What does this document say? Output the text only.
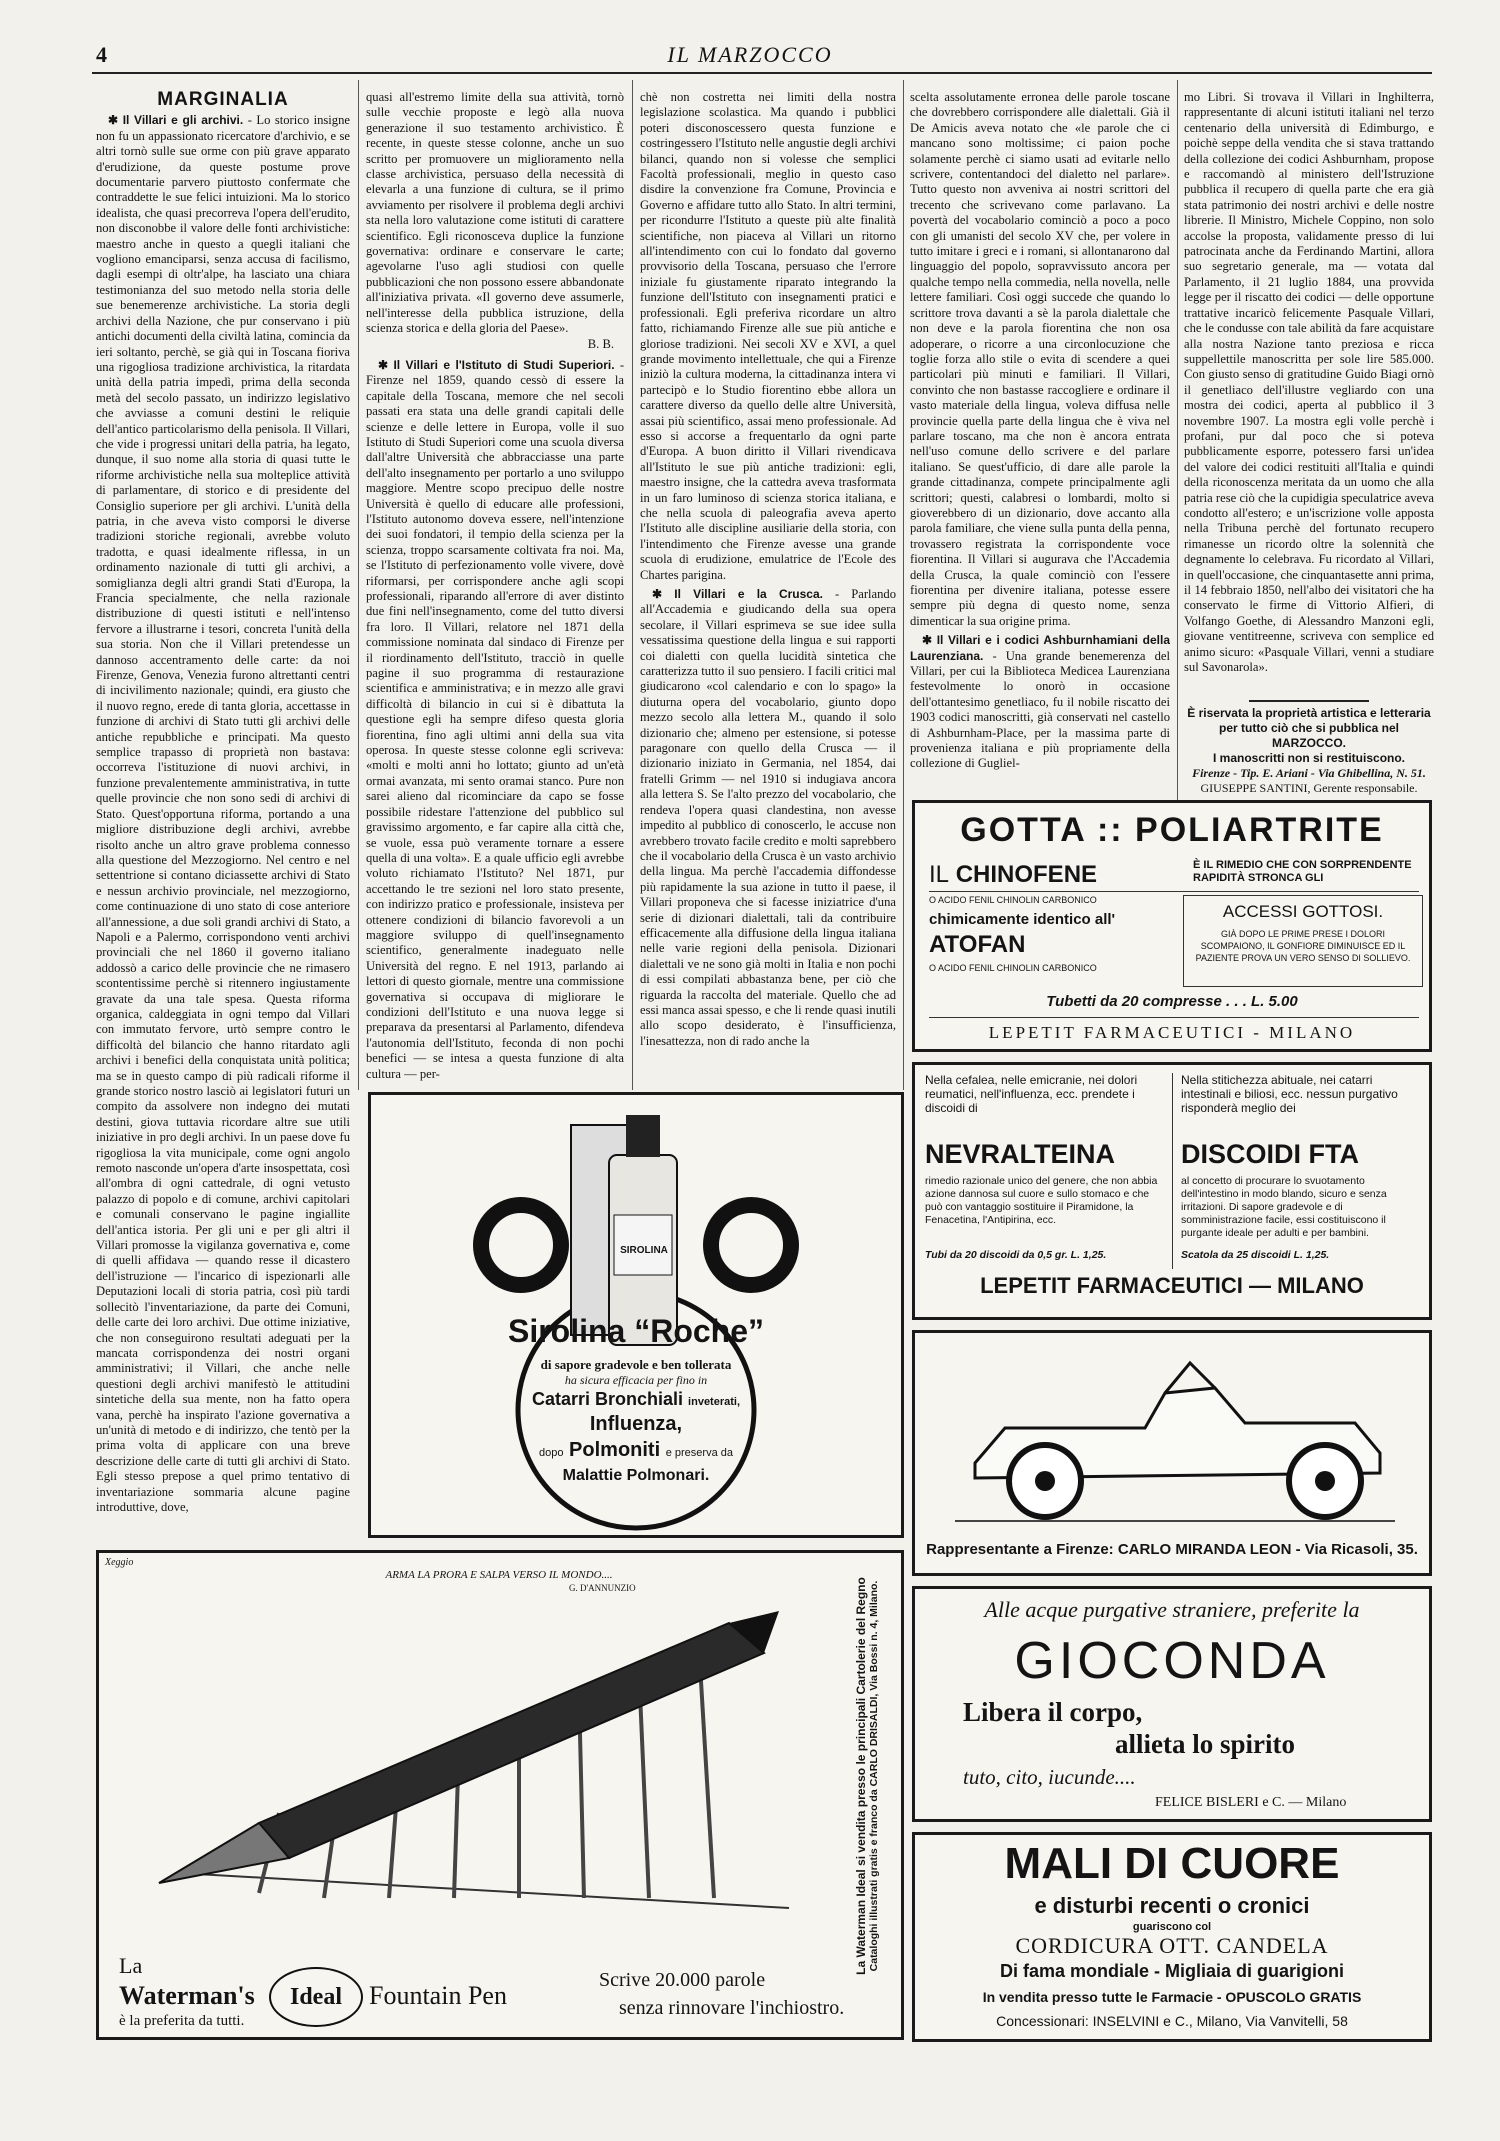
4	IL MARZOCCO
MARGINALIA

✱ Il Villari e gli archivi. - Lo storico insigne non fu un appassionato ricercatore d'archivio, e se altri tornò sulle sue orme con più grave apparato d'erudizione, da queste postume prove documentarie parvero piuttosto confermate che contraddette le sue felici intuizioni. Ma lo storico idealista, che quasi precorreva l'opera dell'erudito, non disconobbe il valore delle fonti archivistiche: maestro anche in questo a quegli italiani che vogliono emanciparsi, senza accusa di facilismo, dagli esempi di oltr'alpe, ha lasciato una chiara testimonianza del suo metodo nella storia delle sue benemerenze archivistiche. La storia degli archivi della Nazione, che pur conservano i più antichi documenti della civiltà latina, comincia da ieri soltanto, perchè, se già qui in Toscana fioriva una rigogliosa tradizione archivistica, la ritardata unità della patria impedì, prima della seconda metà del secolo passato, un indirizzo legislativo che avviasse a comuni destini le reliquie dell'antico particolarismo della penisola. Il Villari, che vide i progressi unitari della patria, ha legato, dunque, il suo nome alla storia di quasi tutte le riforme archivistiche nella sua molteplice attività di parlamentare, di storico e di presidente del Consiglio superiore per gli archivi. L'unità della patria, in che aveva visto comporsi le diverse tradizioni storiche regionali, avrebbe voluto tradotta, e quasi idealmente riflessa, in un ordinamento nazionale di tutti gli archivi, a somiglianza degli altri grandi Stati d'Europa, la Francia specialmente, che nella razionale distribuzione di questi istituti e nell'intenso fervore a illustrarne i tesori, concreta l'unità della sua storia. Non che il Villari pretendesse un dannoso accentramento delle carte: da noi Firenze, Genova, Venezia furono altrettanti centri di incivilimento nazionale; quindi, era giusto che il nuovo regno, erede di tanta gloria, accettasse in funzione di archivi di Stato tutti gli archivi delle antiche repubbliche e principati. Ma questo semplice trapasso di proprietà non bastava: occorreva l'istituzione di nuovi archivi, in funzione prevalentemente amministrativa, in tutte quelle provincie che non sono sedi di archivi di Stato. Quest'opportuna riforma, portando a una migliore distribuzione degli archivi, avrebbe risolto anche un altro grave problema connesso alla questione del Mezzogiorno. Nel centro e nel settentrione si contano diciassette archivi di Stato e nessun archivio provinciale, nel mezzogiorno, come continuazione di uno stato di cose anteriore all'annessione, a due soli grandi archivi di Stato, a Napoli e a Palermo, corrispondono venti archivi provinciali che nel 1860 il governo italiano addossò a carico delle provincie che ne rimasero scontentissime perchè si ritennero ingiustamente gravate da una tale spesa. Questa riforma organica, caldeggiata in ogni tempo dal Villari con immutato fervore, urtò sempre contro le difficoltà del bilancio che hanno ritardato agli archivi i benefici della conquistata unità politica; ma se in questo campo di più radicali riforme il grande storico nostro lasciò ai legislatori futuri un compito da assolvere non indegno dei mutati destini, giova tuttavia ricordare altre sue utili iniziative in pro degli archivi. In un paese dove fu rigogliosa la vita municipale, come ogni angolo remoto nasconde un'opera d'arte insospettata, così all'ombra di ogni cattedrale, di ogni vetusto palazzo di popolo e di comune, archivi capitolari e comunali conservano le pagine ingiallite dell'antica istoria. Per gli uni e per gli altri il Villari promosse la vigilanza governativa e, come di quelli affidava — quando resse il dicastero dell'istruzione — l'incarico di ispezionarli alle Deputazioni locali di storia patria, così più tardi sollecitò l'inventariazione, da parte dei Comuni, delle carte dei loro archivi. Due ottime iniziative, che non conseguirono resultati adeguati per la mancata corrispondenza dei nostri organi amministrativi; il Villari, che anche nelle questioni degli archivi manifestò le attitudini sintetiche della sua mente, non ha fatto opera vana, perchè ha inspirato l'azione governativa a un'unità di metodo e di indirizzo, che tentò per la prima volta di applicare con una breve descrizione delle carte di tutti gli archivi di Stato. Egli stesso prepose a quel primo tentativo di inventariazione sommaria alcune pagine introduttive, dove,

quasi all'estremo limite della sua attività, tornò sulle vecchie proposte e legò alla nuova generazione il suo testamento archivistico. È recente, in queste stesse colonne, anche un suo scritto per promuovere un miglioramento nella classe archivistica, persuaso della necessità di elevarla a una funzione di cultura, se il primo avviamento per risolvere il problema degli archivi sta nella loro valutazione come istituti di carattere scientifico. Egli riconosceva duplice la funzione governativa: ordinare e conservare le carte; agevolarne l'uso agli studiosi con quelle pubblicazioni che non possono essere abbandonate all'iniziativa privata. «Il governo deve assumerle, nell'interesse della pubblica istruzione, della scienza storica e della gloria del Paese».

B. B.

✱ Il Villari e l'Istituto di Studi Superiori. - Firenze nel 1859, quando cessò di essere la capitale della Toscana, memore che nel secoli passati era stata una delle grandi capitali delle scienze e delle lettere in Europa, volle il suo Istituto di Studi Superiori come una scuola diversa dall'altre Università che abbracciasse una parte dell'alto insegnamento per portarlo a uno sviluppo maggiore. Mentre scopo precipuo delle nostre Università è quello di educare alle professioni, l'Istituto autonomo doveva essere, nell'intenzione dei suoi fondatori, il tempio della scienza per la scienza, troppo scarsamente coltivata fra noi. Ma, se l'Istituto di perfezionamento volle vivere, dovè riformarsi, per corrispondere anche agli scopi professionali, riparando all'errore di aver distinto due fini nell'insegnamento, come del tutto diversi fra loro. Il Villari, relatore nel 1871 della commissione nominata dal sindaco di Firenze per il riordinamento dell'Istituto, tracciò in quelle pagine il suo programma di restaurazione scientifica e amministrativa; e in mezzo alle gravi difficoltà di bilancio in cui si è dibattuta la questione egli ha sempre difeso questa gloria fiorentina, fino agli ultimi anni della sua vita operosa. In queste stesse colonne egli scriveva: «molti e molti anni ho lottato; giunto ad un'età ormai avanzata, mi sento oramai stanco. Pure non sarei alieno dal ricominciare da capo se fosse possibile ridestare l'attenzione del pubblico sul gravissimo argomento, e far capire alla città che, se vuole, essa può veramente tornare a essere quella di una volta». E a quale ufficio egli avrebbe voluto richiamato l'Istituto? Nel 1871, pur accettando le tre sezioni nel loro stato presente, con indirizzo pratico e professionale, insisteva per ottenere condizioni di bilancio favorevoli a un maggiore sviluppo di quell'insegnamento scientifico, generalmente inadeguato nelle Università del regno. E nel 1913, parlando ai lettori di questo giornale, mentre una commissione governativa si occupava di migliorare le condizioni dell'Istituto e una nuova legge si preparava da presentarsi al Parlamento, difendeva l'autonomia dell'Istituto, feconda di non pochi benefici — se intesa a questa funzione di alta cultura — per-

chè non costretta nei limiti della nostra legislazione scolastica. Ma quando i pubblici poteri disconoscessero questa funzione e costringessero l'Istituto nelle angustie degli archivi bilanci, quando non si volesse che semplici Facoltà professionali, meglio in questo caso disdire la convenzione fra Comune, Provincia e Governo e affidare tutto allo Stato. In altri termini, per ricondurre l'Istituto a queste più alte finalità scientifiche, non piaceva al Villari un ritorno all'intendimento con cui lo fondato dal governo provvisorio della Toscana, persuaso che l'errore iniziale fu giustamente riparato integrando la funzione dell'Istituto con insegnamenti pratici e professionali. Egli preferiva ricordare un altro fatto, richiamando Firenze alle sue più antiche e gloriose tradizioni. Nei secoli XV e XVI, a quel grande movimento intellettuale, che qui a Firenze iniziò la cultura moderna, la cittadinanza intera vi partecipò e lo Studio fiorentino ebbe allora un carattere diverso da quello delle altre Università, assai più scientifico, assai meno professionale. Ad esso si accorse a frequentarlo da ogni parte d'Europa. A buon diritto il Villari rivendicava all'Istituto le sue più antiche tradizioni: egli, maestro insigne, che la cattedra aveva trasformata in un faro luminoso di scienza storica italiana, e che nella scuola di paleografia aveva aperto l'Istituto alle discipline ausiliarie della storia, con l'intendimento che Firenze avesse una grande scuola di erudizione, emulatrice de l'Ecole des Chartes parigina.

✱ Il Villari e la Crusca. - Parlando all'Accademia e giudicando della sua opera secolare, il Villari esprimeva se sue idee sulla vessatissima questione della lingua e sui rapporti coi dialetti con quella lucidità sintetica che caratterizza tutto il suo pensiero. I facili critici mal giudicarono «col calendario e con lo spago» la diuturna opera del vocabolario, giunto dopo mezzo secolo alla lettera M., quando il solo dizionario che; almeno per estensione, si potesse paragonare con quello della Crusca — il dizionario iniziato in Germania, nel 1854, dai fratelli Grimm — nel 1910 si indugiava ancora alla lettera S. Se l'alto prezzo del vocabolario, che rendeva l'opera quasi clandestina, non avesse impedito al pubblico di conoscerlo, le accuse non avrebbero trovato facile credito e molti saprebbero che il vocabolario della Crusca è un vasto archivio della lingua. Ma perchè l'accademia diffondesse più rapidamente la sua azione in tutto il paese, il Villari proponeva che si facesse iniziatrice d'una serie di dizionari dialettali, tali da contribuire efficacemente alla diffusione della lingua italiana nelle varie regioni della penisola. Dizionari dialettali ve ne sono già molti in Italia e non pochi di essi compilati abbastanza bene, per ciò che riguarda la raccolta del materiale. Quello che ad essi manca assai spesso, e che li rende quasi inutili allo scopo desiderato, è l'insufficienza, l'inesattezza, non di rado anche la

scelta assolutamente erronea delle parole toscane che dovrebbero corrispondere alle dialettali. Già il De Amicis aveva notato che «le parole che ci mancano sono moltissime; ci paion poche solamente perchè ci siamo usati ad evitarle nello scrivere, contentandoci del dialetto nel parlare». Tutto questo non avveniva ai nostri scrittori del trecento che scrivevano come parlavano. La povertà del vocabolario cominciò a poco a poco con gli umanisti del secolo XV che, per volere in tutto imitare i greci e i romani, si allontanarono dal linguaggio del popolo, sopravvissuto ancora per qualche tempo nella commedia, nella novella, nelle lettere familiari. Così oggi succede che quando lo scrittore trova davanti a sè la parola dialettale che non deve e la parola fiorentina che non osa adoperare, o ricorre a una circonlocuzione che toglie forza allo stile o evita di scendere a quei particolari più minuti e familiari. Il Villari, convinto che non bastasse raccogliere e ordinare il vasto materiale della lingua, voleva diffusa nelle provincie quella parte della lingua che è viva nel parlare toscano, ma che non è ancora entrata nell'uso comune dello scrivere e del parlare italiano. Se quest'ufficio, di dare alle parole la grande cittadinanza, compete principalmente agli scrittori; questi, calabresi o lombardi, molto si gioverebbero di un dizionario, dove accanto alla parola familiare, che viene sulla punta della penna, trovassero registrata la corrispondente voce fiorentina. Il Villari si augurava che l'Accademia della Crusca, la quale cominciò con l'essere fiorentina per divenire italiana, potesse essere sempre più degna di questo nome, senza dimenticar la sua origine prima.

✱ Il Villari e i codici Ashburnhamiani della Laurenziana. - Una grande benemerenza del Villari, per cui la Biblioteca Medicea Laurenziana festevolmente lo onorò in occasione dell'ottantesimo genetliaco, fu il nobile riscatto dei 1903 codici manoscritti, già conservati nel castello di Ashburnham-Place, per la massima parte di provenienza italiana e più propriamente della collezione di Gugliel-

mo Libri. Si trovava il Villari in Inghilterra, rappresentante di alcuni istituti italiani nel terzo centenario della università di Edimburgo, e poichè seppe della vendita che si stava trattando della collezione dei codici Ashburnham, propose e raccomandò al ministero dell'Istruzione pubblica il recupero di quella parte che era già stata patrimonio dei nostri archivi e delle nostre librerie. Il Ministro, Michele Coppino, non solo accolse la proposta, validamente presso di lui patrocinata anche da Ferdinando Martini, allora suo segretario generale, ma — votata dal Parlamento, il 21 luglio 1884, una provvida legge per il riscatto dei codici — delle opportune trattative incaricò felicemente Pasquale Villari, che le condusse con tale abilità da fare acquistare alla nostra Nazione tanto preziosa e ricca suppellettile manoscritta per sole lire 585.000. Con giusto senso di gratitudine Guido Biagi ornò il genetliaco dell'illustre vegliardo con una mostra dei codici, aperta al pubblico il 3 novembre 1907. La mostra egli volle perchè i profani, pur dal poco che si poteva pubblicamente esporre, potessero farsi un'idea del valore dei codici restituiti all'Italia e quindi della riconoscenza meritata da un uomo che alla patria rese ciò che la cupidigia speculatrice aveva condotto all'estero; e un'iscrizione volle apposta nella Tribuna perchè del fortunato recupero rimanesse un ricordo oltre la solennità che degnamente lo celebrava. Fu ricordato al Villari, in quell'occasione, che cinquantasette anni prima, il 14 febbraio 1850, nell'albo dei visitatori che ha conservato le firme di Vittorio Alfieri, di Volfango Goethe, di Alessandro Manzoni egli, giovane ventitreenne, scriveva con semplice ed animo sicuro: «Pasquale Villari, venni a studiare sul Savonarola».

È riservata la proprietà artistica e letteraria per tutto ciò che si pubblica nel MARZOCCO.
I manoscritti non si restituiscono.
Firenze - Tip. E. Ariani - Via Ghibellina, N. 51.
GIUSEPPE SANTINI, Gerente responsabile.
GOTTA :: POLIARTRITE
IL CHINOFENE	È IL RIMEDIO CHE CON SORPRENDENTE RAPIDITÀ STRONCA GLI
O ACIDO FENIL CHINOLIN CARBONICO
chimicamente identico all'
ATOFAN
O ACIDO FENIL CHINOLIN CARBONICO
ACCESSI GOTTOSI.
GIÀ DOPO LE PRIME PRESE I DOLORI SCOMPAIONO, IL GONFIORE DIMINUISCE ED IL PAZIENTE PROVA UN VERO SENSO DI SOLLIEVO.
Tubetti da 20 compresse . . . L. 5.00
LEPETIT FARMACEUTICI - MILANO
Nella cefalea, nelle emicranie, nei dolori reumatici, nell'influenza, ecc. prendete i discoidi di
NEVRALTEINA
rimedio razionale unico del genere, che non abbia azione dannosa sul cuore e sullo stomaco e che può con vantaggio sostituire il Piramidone, la Fenacetina, l'Antipirina, ecc.
Tubi da 20 discoidi da 0,5 gr. L. 1,25.
Nella stitichezza abituale, nei catarri intestinali e biliosi, ecc. nessun purgativo risponderà meglio dei
DISCOIDI FTA
al concetto di procurare lo svuotamento dell'intestino in modo blando, sicuro e senza irritazioni. Di sapore gradevole e di somministrazione facile, essi costituiscono il purgante ideale per adulti e per bambini.
Scatola da 25 discoidi L. 1,25.
LEPETIT FARMACEUTICI — MILANO
SIROLINA
Sirolina “Roche”
di sapore gradevole e ben tollerata
ha sicura efficacia per fino in
Catarri Bronchiali inveterati,
Influenza,
dopo Polmoniti e preserva da
Malattie Polmonari.
Rappresentante a Firenze: CARLO MIRANDA LEON - Via Ricasoli, 35.
Xeggio
ARMA LA PRORA E SALPA VERSO IL MONDO....
G. D'ANNUNZIO	La Waterman Ideal si vendita presso le principali Cartolerie del Regno Cataloghi illustrati gratis e franco da CARLO DRISALDI, Via Bossi n. 4, Milano.
La
Waterman's	Ideal	Fountain Pen
è la preferita da tutti.
Scrive 20.000 parole
senza rinnovare l'inchiostro.
Alle acque purgative straniere, preferite la
GIOCONDA
Libera il corpo,
allieta lo spirito
tuto, cito, iucunde....
FELICE BISLERI e C. — Milano
MALI DI CUORE
e disturbi recenti o cronici
guariscono col
CORDICURA OTT. CANDELA
Di fama mondiale - Migliaia di guarigioni
In vendita presso tutte le Farmacie - OPUSCOLO GRATIS
Concessionari: INSELVINI e C., Milano, Via Vanvitelli, 58
